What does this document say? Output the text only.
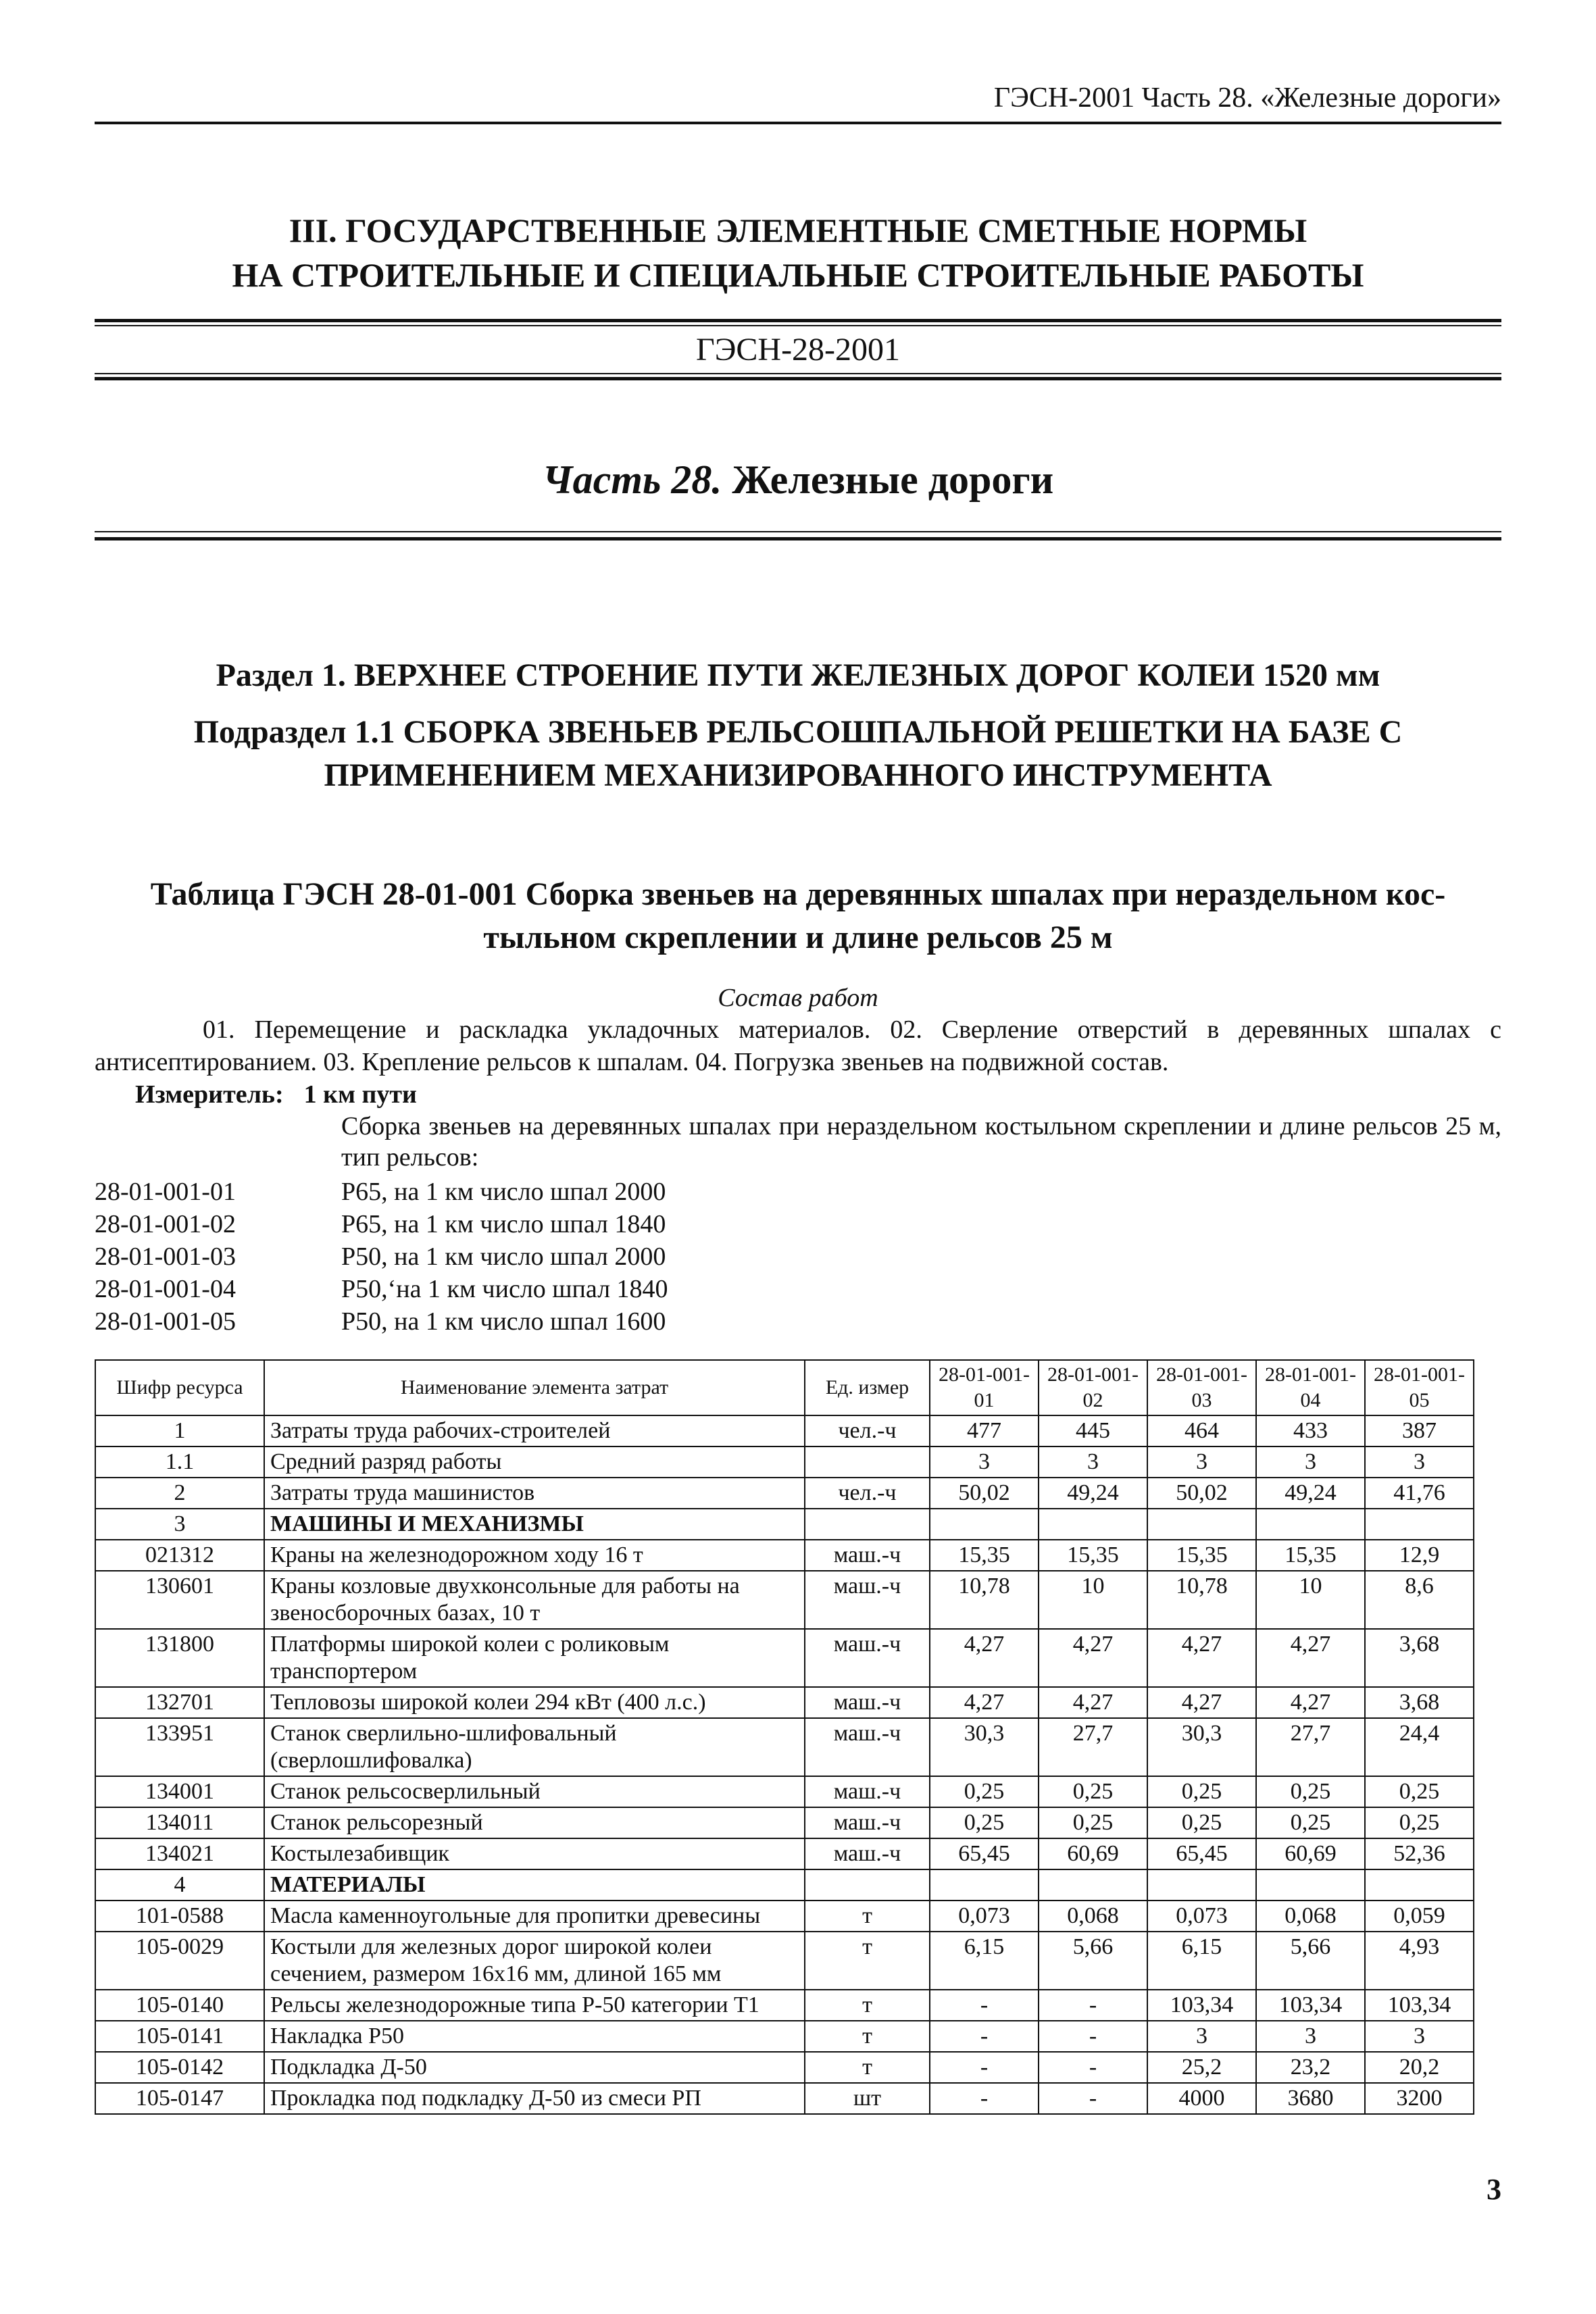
ГЭСН-2001 Часть 28. «Железные дороги»
III. ГОСУДАРСТВЕННЫЕ ЭЛЕМЕНТНЫЕ СМЕТНЫЕ НОРМЫ
НА СТРОИТЕЛЬНЫЕ И СПЕЦИАЛЬНЫЕ СТРОИТЕЛЬНЫЕ РАБОТЫ
ГЭСН-28-2001
Часть 28. Железные дороги
Раздел 1. ВЕРХНЕЕ СТРОЕНИЕ ПУТИ ЖЕЛЕЗНЫХ ДОРОГ КОЛЕИ 1520 мм
Подраздел 1.1 СБОРКА ЗВЕНЬЕВ РЕЛЬСОШПАЛЬНОЙ РЕШЕТКИ НА БАЗЕ С
ПРИМЕНЕНИЕМ МЕХАНИЗИРОВАННОГО ИНСТРУМЕНТА
Таблица ГЭСН 28-01-001 Сборка звеньев на деревянных шпалах при нераздельном кос-
тыльном скреплении и длине рельсов 25 м
Состав работ
01. Перемещение и раскладка укладочных материалов. 02. Сверление отверстий в деревянных шпалах с антисептированием. 03. Крепление рельсов к шпалам. 04. Погрузка звеньев на подвижной состав.
Измеритель: 1 км пути
Сборка звеньев на деревянных шпалах при нераздельном костыльном скреплении и длине рельсов 25 м, тип рельсов:
28-01-001-01	Р65, на 1 км число шпал 2000
28-01-001-02	Р65, на 1 км число шпал 1840
28-01-001-03	Р50, на 1 км число шпал 2000
28-01-001-04	Р50,ʻна 1 км число шпал 1840
28-01-001-05	Р50, на 1 км число шпал 1600
Шифр ресурса	Наименование элемента затрат	Ед. измер	28-01-001-01	28-01-001-02	28-01-001-03	28-01-001-04	28-01-001-05
1	Затраты труда рабочих-строителей	чел.-ч	477	445	464	433	387
1.1	Средний разряд работы		3	3	3	3	3
2	Затраты труда машинистов	чел.-ч	50,02	49,24	50,02	49,24	41,76
3	МАШИНЫ И МЕХАНИЗМЫ						
021312	Краны на железнодорожном ходу 16 т	маш.-ч	15,35	15,35	15,35	15,35	12,9
130601	Краны козловые двухконсольные для работы на звеносборочных базах, 10 т	маш.-ч	10,78	10	10,78	10	8,6
131800	Платформы широкой колеи с роликовым транспортером	маш.-ч	4,27	4,27	4,27	4,27	3,68
132701	Тепловозы широкой колеи 294 кВт (400 л.с.)	маш.-ч	4,27	4,27	4,27	4,27	3,68
133951	Станок сверлильно-шлифовальный (сверлошлифовалка)	маш.-ч	30,3	27,7	30,3	27,7	24,4
134001	Станок рельсосверлильный	маш.-ч	0,25	0,25	0,25	0,25	0,25
134011	Станок рельсорезный	маш.-ч	0,25	0,25	0,25	0,25	0,25
134021	Костылезабивщик	маш.-ч	65,45	60,69	65,45	60,69	52,36
4	МАТЕРИАЛЫ						
101-0588	Масла каменноугольные для пропитки древесины	т	0,073	0,068	0,073	0,068	0,059
105-0029	Костыли для железных дорог широкой колеи сечением, размером 16х16 мм, длиной 165 мм	т	6,15	5,66	6,15	5,66	4,93
105-0140	Рельсы железнодорожные типа Р-50 категории Т1	т	-	-	103,34	103,34	103,34
105-0141	Накладка Р50	т	-	-	3	3	3
105-0142	Подкладка Д-50	т	-	-	25,2	23,2	20,2
105-0147	Прокладка под подкладку Д-50 из смеси РП	шт	-	-	4000	3680	3200
3
